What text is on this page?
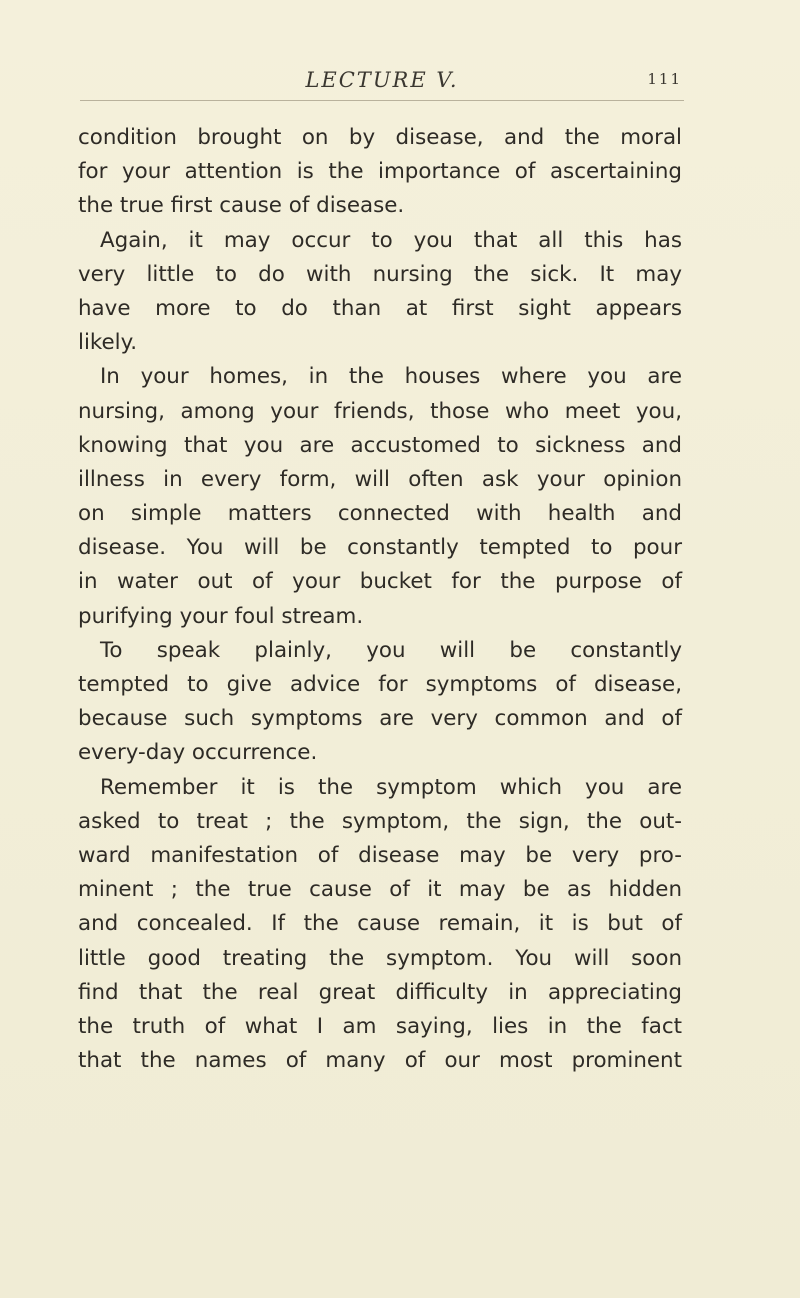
LECTURE V.	111
condition brought on by disease, and the moral
for your attention is the importance of ascertaining
the true first cause of disease.
Again, it may occur to you that all this has
very little to do with nursing the sick. It may
have more to do than at first sight appears
likely.
In your homes, in the houses where you are
nursing, among your friends, those who meet you,
knowing that you are accustomed to sickness and
illness in every form, will often ask your opinion
on simple matters connected with health and
disease. You will be constantly tempted to pour
in water out of your bucket for the purpose of
purifying your foul stream.
To speak plainly, you will be constantly
tempted to give advice for symptoms of disease,
because such symptoms are very common and of
every-day occurrence.
Remember it is the symptom which you are
asked to treat ; the symptom, the sign, the out-
ward manifestation of disease may be very pro-
minent ; the true cause of it may be as hidden
and concealed. If the cause remain, it is but of
little good treating the symptom. You will soon
find that the real great difficulty in appreciating
the truth of what I am saying, lies in the fact
that the names of many of our most prominent
